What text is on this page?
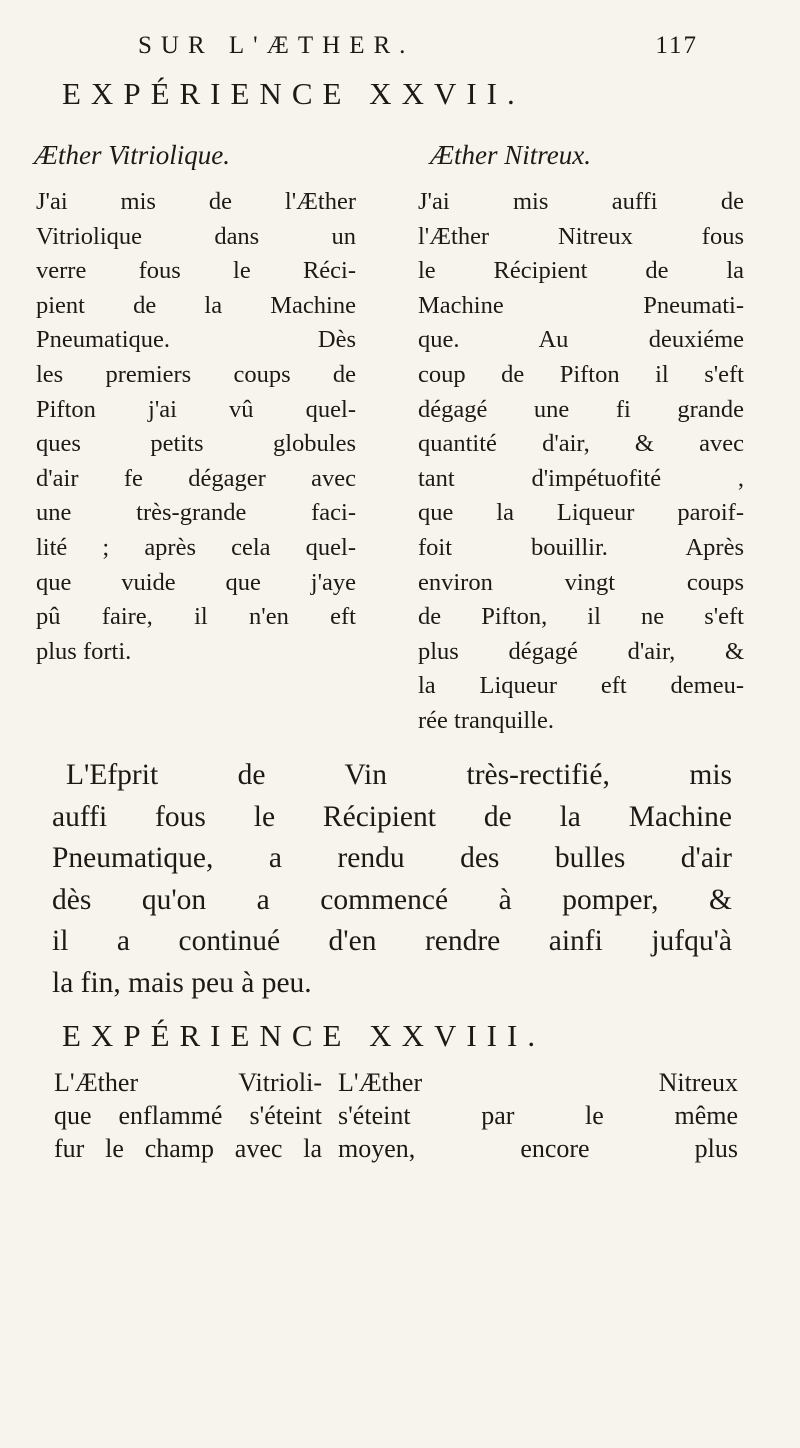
SUR L'ÆTHER.	117
EXPÉRIENCE XXVII.
Æther Vitriolique.	Æther Nitreux.
J'ai mis de l'Æther
Vitriolique dans un
verre fous le Réci-
pient de la Machine
Pneumatique. Dès
les premiers coups de
Pifton j'ai vû quel-
ques petits globules
d'air fe dégager avec
une très-grande faci-
lité ; après cela quel-
que vuide que j'aye
pû faire, il n'en eft
plus forti.
J'ai mis auffi de
l'Æther Nitreux fous
le Récipient de la
Machine Pneumati-
que. Au deuxiéme
coup de Pifton il s'eft
dégagé une fi grande
quantité d'air, & avec
tant d'impétuofité ,
que la Liqueur paroif-
foit bouillir. Après
environ vingt coups
de Pifton, il ne s'eft
plus dégagé d'air, &
la Liqueur eft demeu-
rée tranquille.
L'Efprit de Vin très-rectifié, mis
auffi fous le Récipient de la Machine
Pneumatique, a rendu des bulles d'air
dès qu'on a commencé à pomper, &
il a continué d'en rendre ainfi jufqu'à
la fin, mais peu à peu.
EXPÉRIENCE XXVIII.
L'Æther Vitrioli-
que enflammé s'éteint
fur le champ avec la
L'Æther Nitreux
s'éteint par le même
moyen, encore plus
